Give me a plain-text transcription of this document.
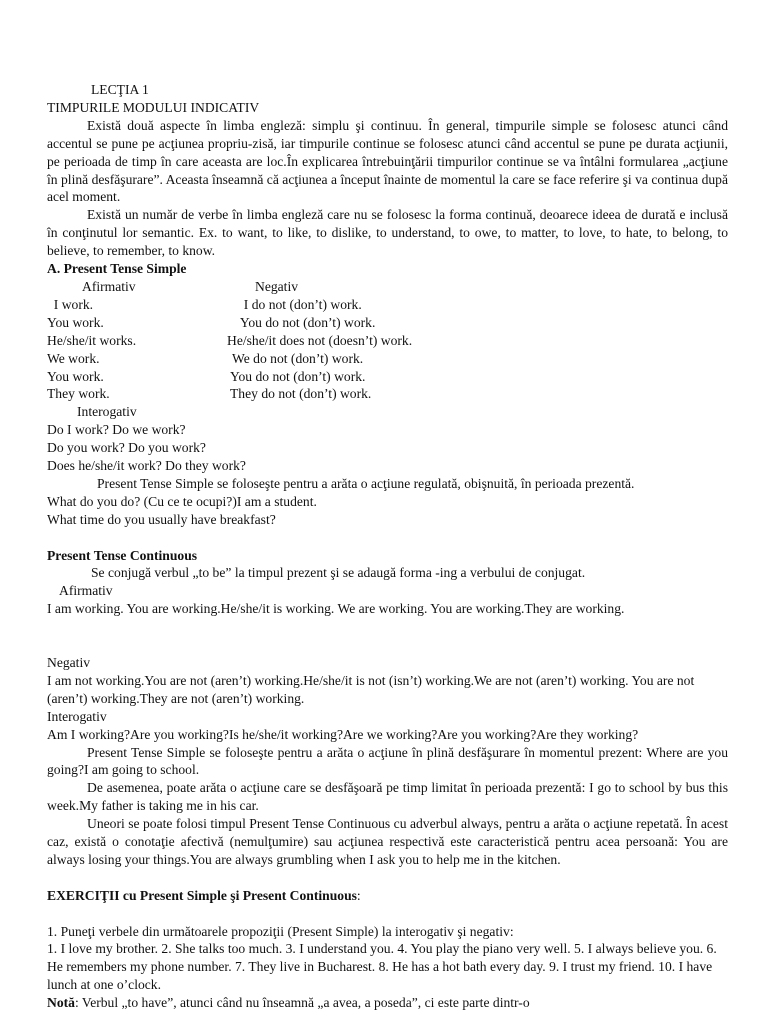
LECŢIA 1
TIMPURILE MODULUI INDICATIV

Există două aspecte în limba engleză: simplu şi continuu. În general, timpurile simple se folosesc atunci când accentul se pune pe acţiunea propriu-zisă, iar timpurile continue se folosesc atunci când accentul se pune pe durata acţiunii, pe perioada de timp în care aceasta are loc.În explicarea întrebuinţării timpurilor continue se va întâlni formularea „acţiune în plină desfăşurare”. Aceasta înseamnă că acţiunea a început înainte de momentul la care se face referire şi va continua după acel moment.

Există un număr de verbe în limba engleză care nu se folosesc la forma continuă, deoarece ideea de durată e inclusă în conţinutul lor semantic. Ex. to want, to like, to dislike, to understand, to owe, to matter, to love, to hate, to belong, to believe, to remember, to know.

A. Present Tense Simple
Afirmativ	Negativ
I work.	I do not (don’t) work.
You work.	You do not (don’t) work.
He/she/it works.	He/she/it does not (doesn’t) work.
We work.	We do not (don’t) work.
You work.	You do not (don’t) work.
They work.	They do not (don’t) work.
Interogativ
Do I work? Do we work?
Do you work? Do you work?
Does he/she/it work? Do they work?
Present Tense Simple se foloseşte pentru a arăta o acţiune regulată, obişnuită, în perioada prezentă.
What do you do? (Cu ce te ocupi?)I am a student.
What time do you usually have breakfast?
Present Tense Continuous
Se conjugă verbul „to be” la timpul prezent şi se adaugă forma -ing a verbului de conjugat.
Afirmativ
I am working. You are working.He/she/it is working. We are working. You are working.They are working.
Negativ

I am not working.You are not (aren’t) working.He/she/it is not (isn’t) working.We are not (aren’t) working. You are not (aren’t) working.They are not (aren’t) working.

Interogativ
Am I working?Are you working?Is he/she/it working?Are we working?Are you working?Are they working?

Present Tense Simple se foloseşte pentru a arăta o acţiune în plină desfăşurare în momentul prezent: Where are you going?I am going to school.

De asemenea, poate arăta o acţiune care se desfăşoară pe timp limitat în perioada prezentă: I go to school by bus this week.My father is taking me in his car.

Uneori se poate folosi timpul Present Tense Continuous cu adverbul always, pentru a arăta o acţiune repetată. În acest caz, există o conotaţie afectivă (nemulţumire) sau acţiunea respectivă este caracteristică pentru acea persoană: You are always losing your things.You are always grumbling when I ask you to help me in the kitchen.

EXERCIŢII cu Present Simple şi Present Continuous:
1. Puneţi verbele din următoarele propoziţii (Present Simple) la interogativ şi negativ:

1. I love my brother. 2. She talks too much. 3. I understand you. 4. You play the piano very well. 5. I always believe you. 6. He remembers my phone number. 7. They live in Bucharest. 8. He has a hot bath every day. 9. I trust my friend. 10. I have lunch at one o’clock.

Notă: Verbul „to have”, atunci când nu înseamnă „a avea, a poseda”, ci este parte dintr-o
